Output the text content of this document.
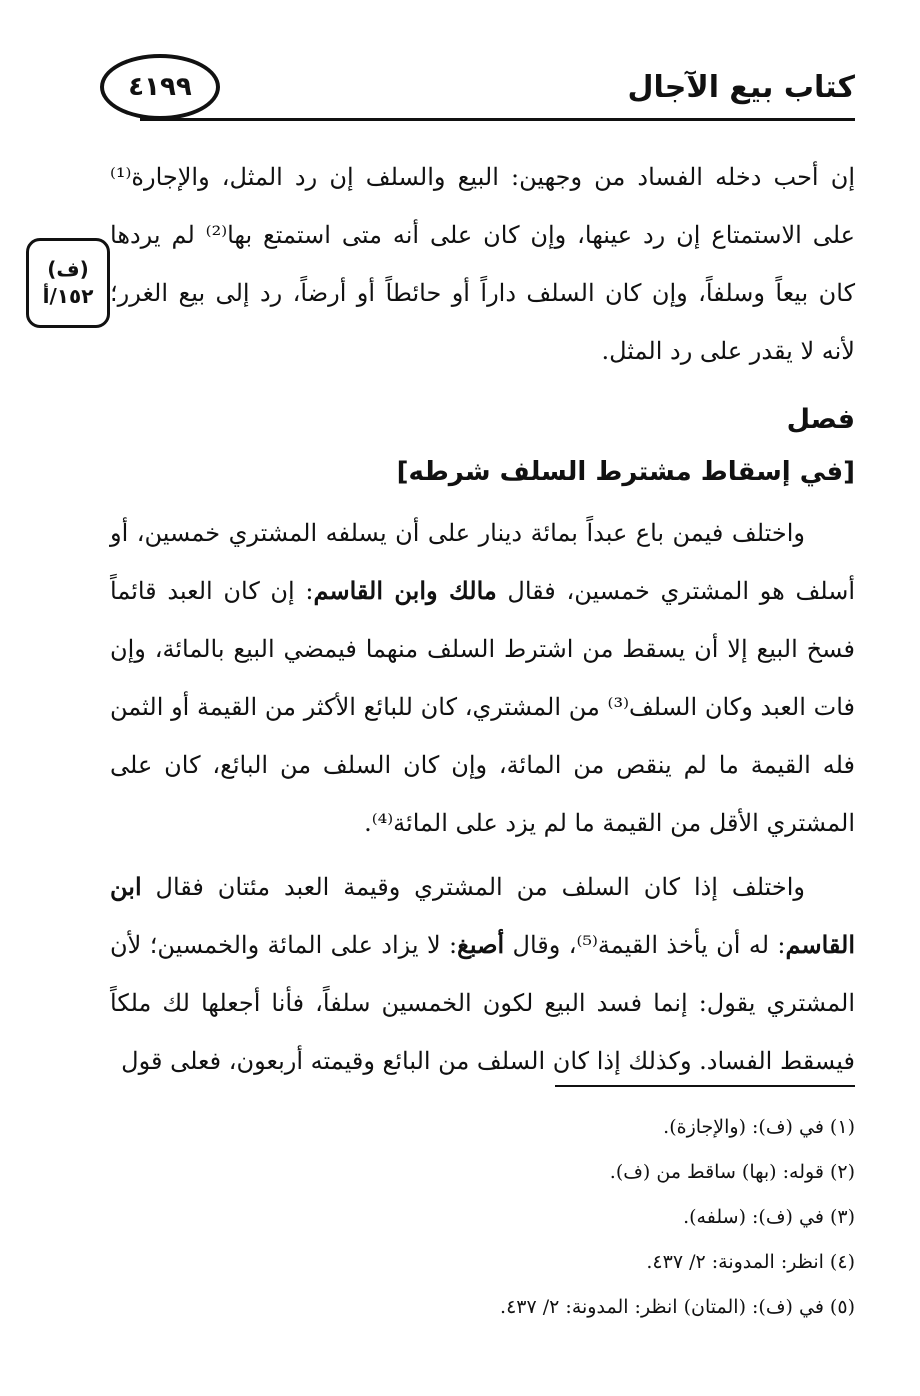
٤١٩٩	كتاب بيع الآجال
(ف)
١٥٢/أ

إن أحب دخله الفساد من وجهين: البيع والسلف إن رد المثل، والإجارة⁽¹⁾ على الاستمتاع إن رد عينها، وإن كان على أنه متى استمتع بها⁽²⁾ لم يردها كان بيعاً وسلفاً، وإن كان السلف داراً أو حائطاً أو أرضاً، رد إلى بيع الغرر؛ لأنه لا يقدر على رد المثل.

فصل

[في إسقاط مشترط السلف شرطه]

واختلف فيمن باع عبداً بمائة دينار على أن يسلفه المشتري خمسين، أو أسلف هو المشتري خمسين، فقال مالك وابن القاسم: إن كان العبد قائماً فسخ البيع إلا أن يسقط من اشترط السلف منهما فيمضي البيع بالمائة، وإن فات العبد وكان السلف⁽³⁾ من المشتري، كان للبائع الأكثر من القيمة أو الثمن فله القيمة ما لم ينقص من المائة، وإن كان السلف من البائع، كان على المشتري الأقل من القيمة ما لم يزد على المائة⁽⁴⁾.

واختلف إذا كان السلف من المشتري وقيمة العبد مئتان فقال ابن القاسم: له أن يأخذ القيمة⁽⁵⁾، وقال أصبغ: لا يزاد على المائة والخمسين؛ لأن المشتري يقول: إنما فسد البيع لكون الخمسين سلفاً، فأنا أجعلها لك ملكاً فيسقط الفساد. وكذلك إذا كان السلف من البائع وقيمته أربعون، فعلى قول

(١) في (ف): (والإجازة).
(٢) قوله: (بها) ساقط من (ف).
(٣) في (ف): (سلفه).
(٤) انظر: المدونة: ٢/ ٤٣٧.
(٥) في (ف): (المتان) انظر: المدونة: ٢/ ٤٣٧.
